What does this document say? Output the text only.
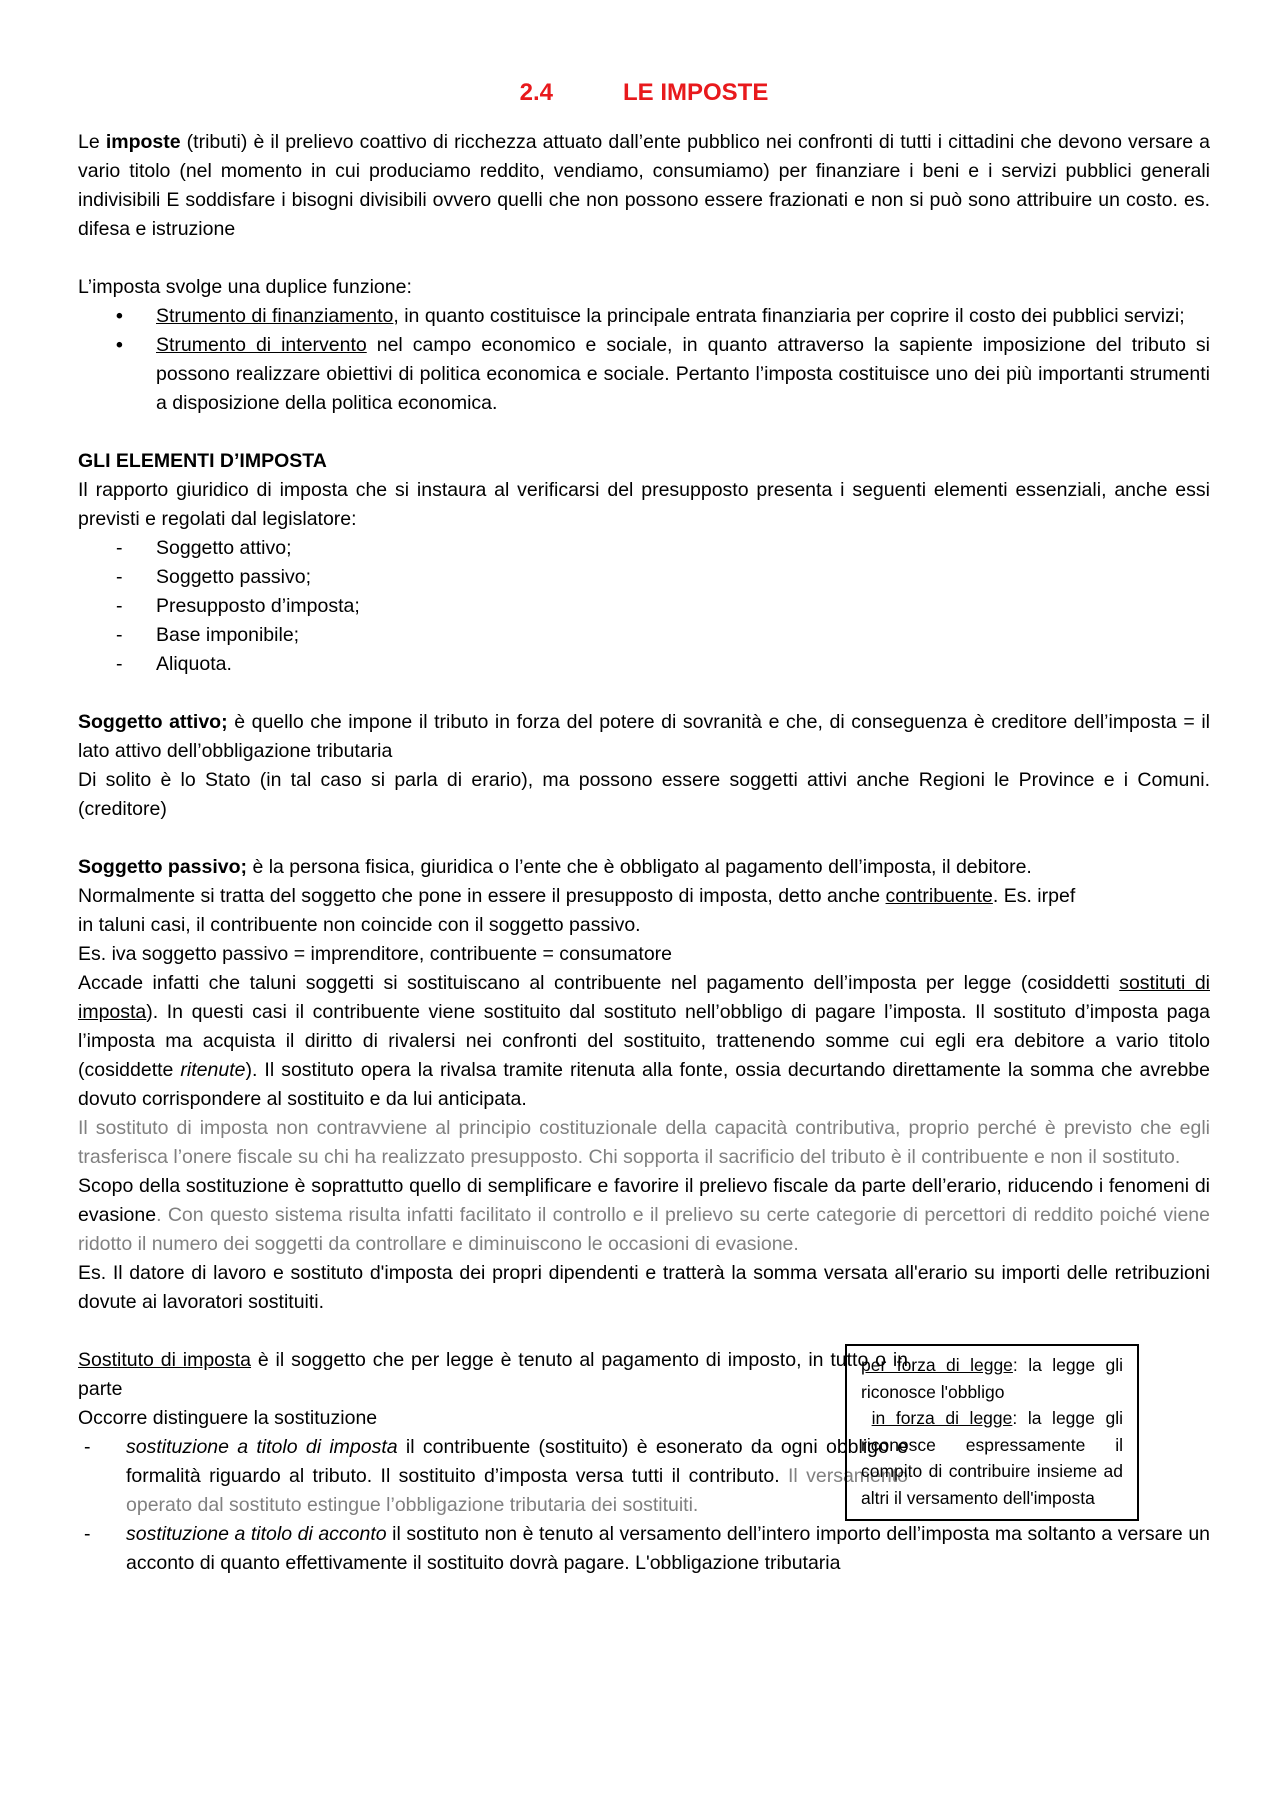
2.4	LE IMPOSTE

Le imposte (tributi) è il prelievo coattivo di ricchezza attuato dall’ente pubblico nei confronti di tutti i cittadini che devono versare a vario titolo (nel momento in cui produciamo reddito, vendiamo, consumiamo) per finanziare i beni e i servizi pubblici generali indivisibili E soddisfare i bisogni divisibili ovvero quelli che non possono essere frazionati e non si può sono attribuire un costo. es. difesa e istruzione

L’imposta svolge una duplice funzione:

• Strumento di finanziamento, in quanto costituisce la principale entrata finanziaria per coprire il costo dei pubblici servizi;
• Strumento di intervento nel campo economico e sociale, in quanto attraverso la sapiente imposizione del tributo si possono realizzare obiettivi di politica economica e sociale. Pertanto l’imposta costituisce uno dei più importanti strumenti a disposizione della politica economica.

GLI ELEMENTI D’IMPOSTA

Il rapporto giuridico di imposta che si instaura al verificarsi del presupposto presenta i seguenti elementi essenziali, anche essi previsti e regolati dal legislatore:

- Soggetto attivo;
- Soggetto passivo;
- Presupposto d’imposta;
- Base imponibile;
- Aliquota.

Soggetto attivo; è quello che impone il tributo in forza del potere di sovranità e che, di conseguenza è creditore dell’imposta = il lato attivo dell’obbligazione tributaria

Di solito è lo Stato (in tal caso si parla di erario), ma possono essere soggetti attivi anche Regioni le Province e i Comuni. (creditore)

Soggetto passivo; è la persona fisica, giuridica o l’ente che è obbligato al pagamento dell’imposta, il debitore.

Normalmente si tratta del soggetto che pone in essere il presupposto di imposta, detto anche contribuente. Es. irpef

in taluni casi, il contribuente non coincide con il soggetto passivo.

Es. iva soggetto passivo = imprenditore, contribuente = consumatore

Accade infatti che taluni soggetti si sostituiscano al contribuente nel pagamento dell’imposta per legge (cosiddetti sostituti di imposta). In questi casi il contribuente viene sostituito dal sostituto nell’obbligo di pagare l’imposta. Il sostituto d’imposta paga l’imposta ma acquista il diritto di rivalersi nei confronti del sostituito, trattenendo somme cui egli era debitore a vario titolo (cosiddette ritenute). Il sostituto opera la rivalsa tramite ritenuta alla fonte, ossia decurtando direttamente la somma che avrebbe dovuto corrispondere al sostituito e da lui anticipata.

Il sostituto di imposta non contravviene al principio costituzionale della capacità contributiva, proprio perché è previsto che egli trasferisca l’onere fiscale su chi ha realizzato presupposto. Chi sopporta il sacrificio del tributo è il contribuente e non il sostituto.

Scopo della sostituzione è soprattutto quello di semplificare e favorire il prelievo fiscale da parte dell’erario, riducendo i fenomeni di evasione. Con questo sistema risulta infatti facilitato il controllo e il prelievo su certe categorie di percettori di reddito poiché viene ridotto il numero dei soggetti da controllare e diminuiscono le occasioni di evasione.

Es. Il datore di lavoro e sostituto d'imposta dei propri dipendenti e tratterà la somma versata all'erario su importi delle retribuzioni dovute ai lavoratori sostituiti.

Sostituto di imposta è il soggetto che per legge è tenuto al pagamento di imposto, in tutto o in parte

Occorre distinguere la sostituzione

- sostituzione a titolo di imposta il contribuente (sostituito) è esonerato da ogni obbligo e formalità riguardo al tributo. Il sostituito d’imposta versa tutti il contributo. Il versamento operato dal sostituto estingue l’obbligazione tributaria dei sostituiti.
- sostituzione a titolo di acconto il sostituto non è tenuto al versamento dell’intero importo dell’imposta ma soltanto a versare un acconto di quanto effettivamente il sostituito dovrà pagare. L'obbligazione tributaria

per forza di legge: la legge gli riconosce l'obbligo

in forza di legge: la legge gli riconosce espressamente il compito di contribuire insieme ad altri il versamento dell'imposta
